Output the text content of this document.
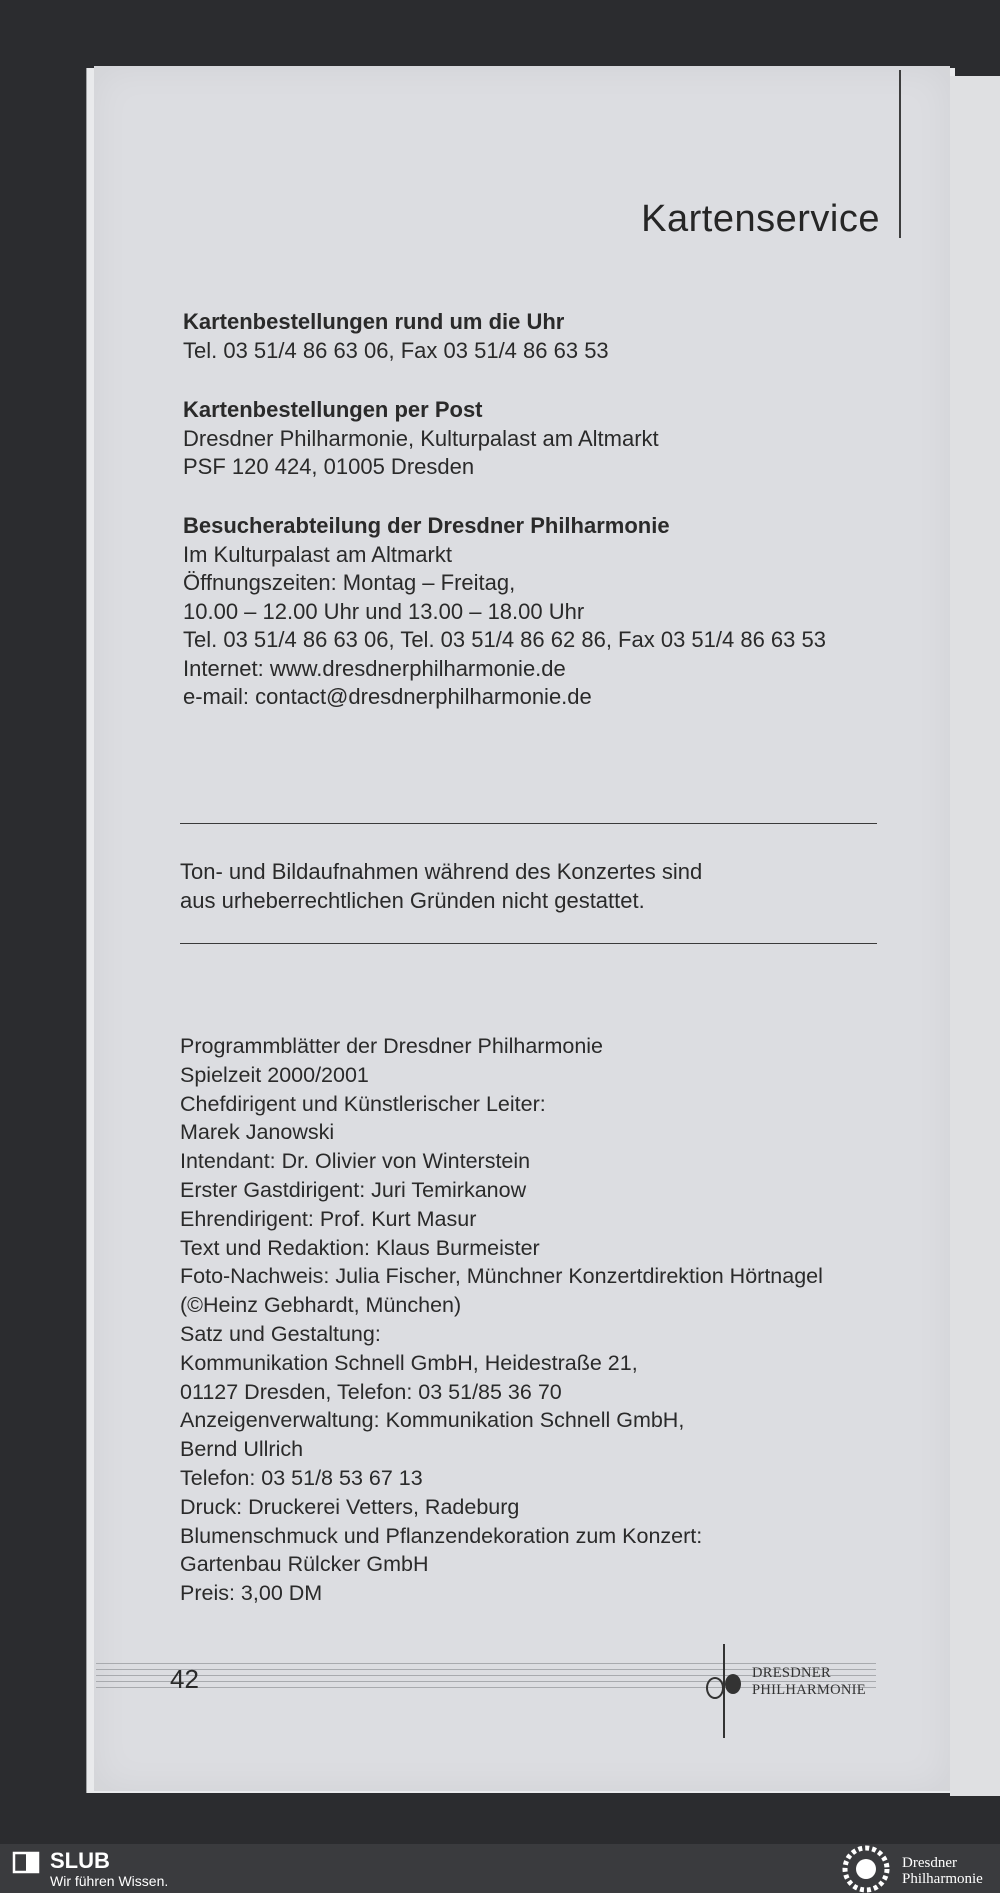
Kartenservice
Kartenbestellungen rund um die Uhr
Tel. 03 51/4 86 63 06, Fax 03 51/4 86 63 53
Kartenbestellungen per Post
Dresdner Philharmonie, Kulturpalast am Altmarkt
PSF 120 424, 01005 Dresden
Besucherabteilung der Dresdner Philharmonie
Im Kulturpalast am Altmarkt
Öffnungszeiten: Montag – Freitag,
10.00 – 12.00 Uhr und 13.00 – 18.00 Uhr
Tel. 03 51/4 86 63 06, Tel. 03 51/4 86 62 86, Fax 03 51/4 86 63 53
Internet: www.dresdnerphilharmonie.de
e-mail: contact@dresdnerphilharmonie.de
Ton- und Bildaufnahmen während des Konzertes sind
aus urheberrechtlichen Gründen nicht gestattet.
Programmblätter der Dresdner Philharmonie
Spielzeit 2000/2001
Chefdirigent und Künstlerischer Leiter:
Marek Janowski
Intendant: Dr. Olivier von Winterstein
Erster Gastdirigent: Juri Temirkanow
Ehrendirigent: Prof. Kurt Masur
Text und Redaktion: Klaus Burmeister
Foto-Nachweis: Julia Fischer, Münchner Konzertdirektion Hörtnagel
(©Heinz Gebhardt, München)
Satz und Gestaltung:
Kommunikation Schnell GmbH, Heidestraße 21,
01127 Dresden, Telefon: 03 51/85 36 70
Anzeigenverwaltung: Kommunikation Schnell GmbH,
Bernd Ullrich
Telefon: 03 51/8 53 67 13
Druck: Druckerei Vetters, Radeburg
Blumenschmuck und Pflanzendekoration zum Konzert:
Gartenbau Rülcker GmbH
Preis: 3,00 DM
42	DRESDNER
PHILHARMONIE
SLUB
Wir führen Wissen.
Dresdner
Philharmonie
